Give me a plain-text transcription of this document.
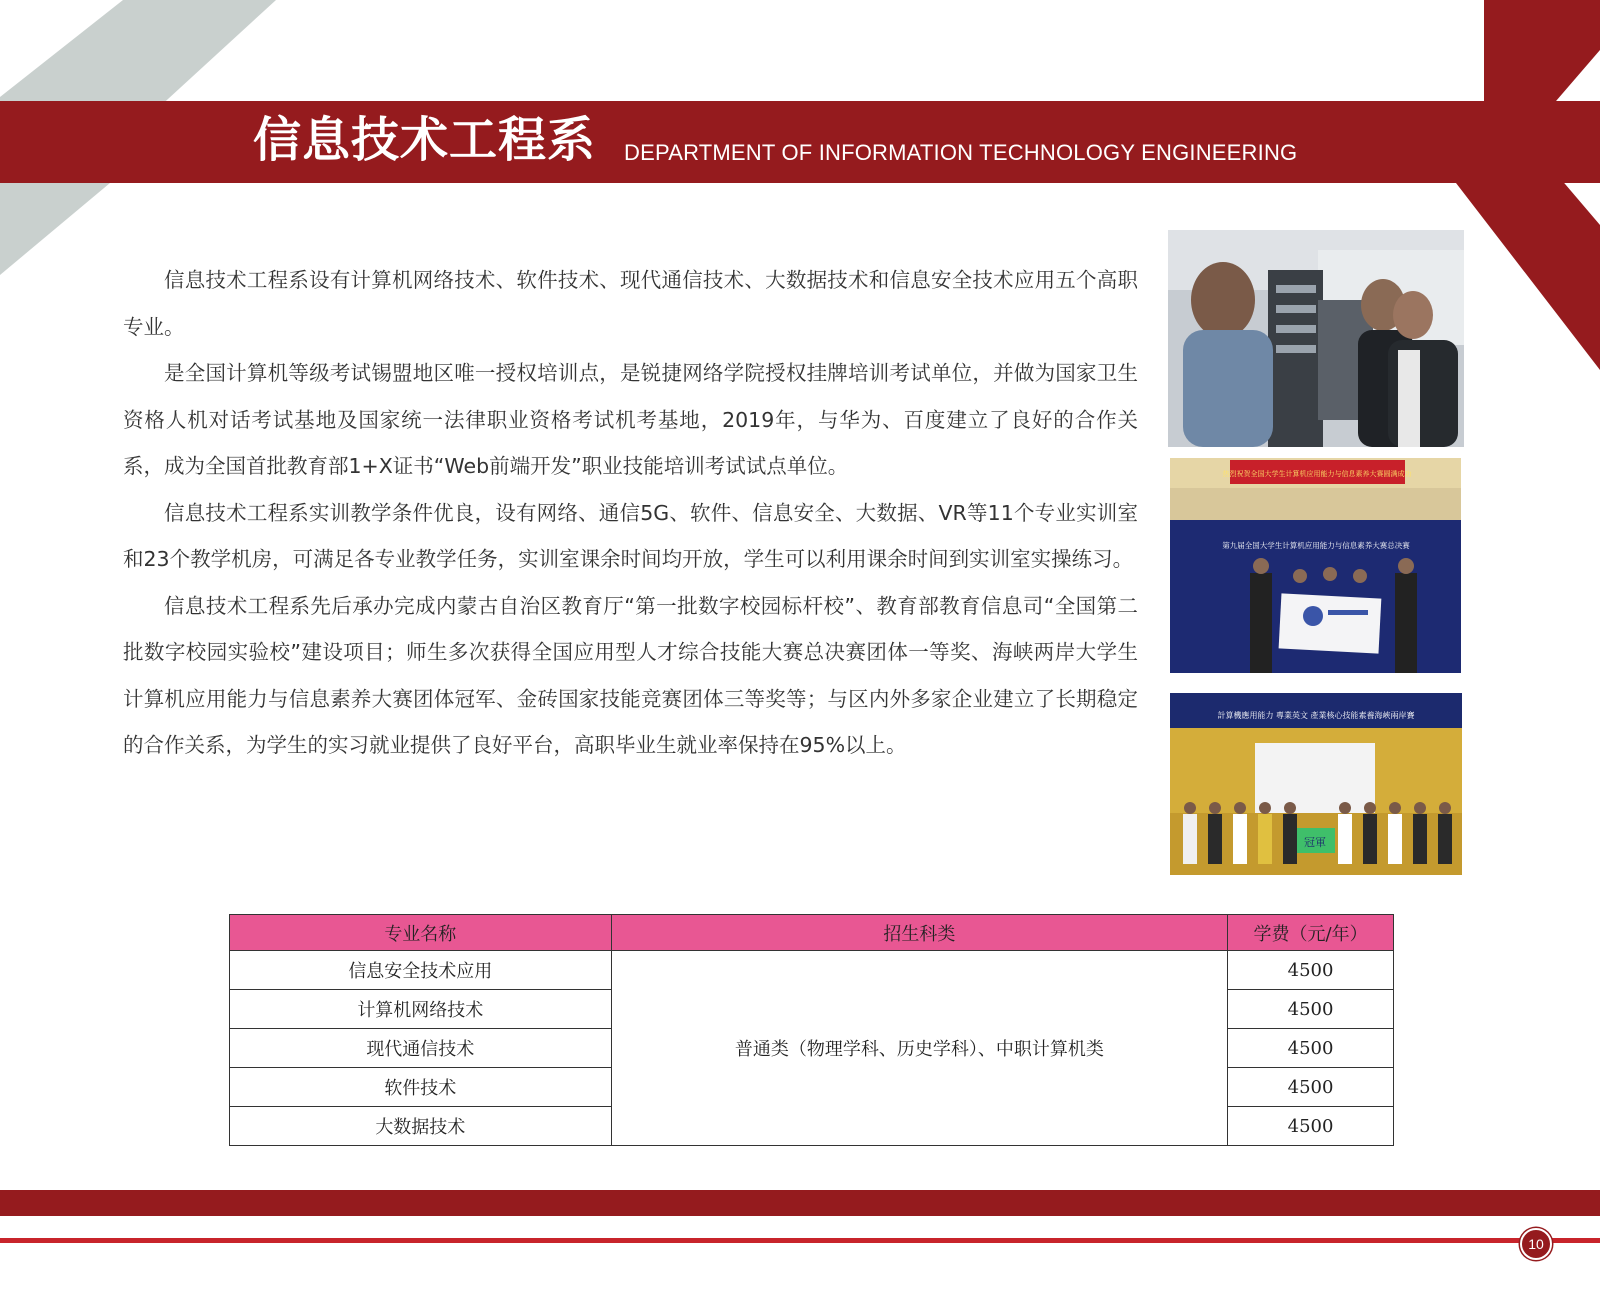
信息技术工程系 DEPARTMENT OF INFORMATION TECHNOLOGY ENGINEERING

信息技术工程系设有计算机网络技术、软件技术、现代通信技术、大数据技术和信息安全技术应用五个高职专业。

是全国计算机等级考试锡盟地区唯一授权培训点，是锐捷网络学院授权挂牌培训考试单位，并做为国家卫生资格人机对话考试基地及国家统一法律职业资格考试机考基地，2019年，与华为、百度建立了良好的合作关系，成为全国首批教育部1+X证书“Web前端开发”职业技能培训考试试点单位。

信息技术工程系实训教学条件优良，设有网络、通信5G、软件、信息安全、大数据、VR等11个专业实训室和23个教学机房，可满足各专业教学任务，实训室课余时间均开放，学生可以利用课余时间到实训室实操练习。

信息技术工程系先后承办完成内蒙古自治区教育厅“第一批数字校园标杆校”、教育部教育信息司“全国第二批数字校园实验校”建设项目；师生多次获得全国应用型人才综合技能大赛总决赛团体一等奖、海峡两岸大学生计算机应用能力与信息素养大赛团体冠军、金砖国家技能竞赛团体三等奖等；与区内外多家企业建立了长期稳定的合作关系，为学生的实习就业提供了良好平台，高职毕业生就业率保持在95%以上。

热烈祝贺全国大学生计算机应用能力与信息素养大赛圆满成功
第九届全国大学生计算机应用能力与信息素养大赛总决赛
計算機應用能力 專業英文 產業核心技能素養海峽兩岸賽
冠軍
专业名称	招生科类	学费（元/年）
信息安全技术应用	普通类（物理学科、历史学科）、中职计算机类	4500
计算机网络技术		4500
现代通信技术		4500
软件技术		4500
大数据技术		4500
10
